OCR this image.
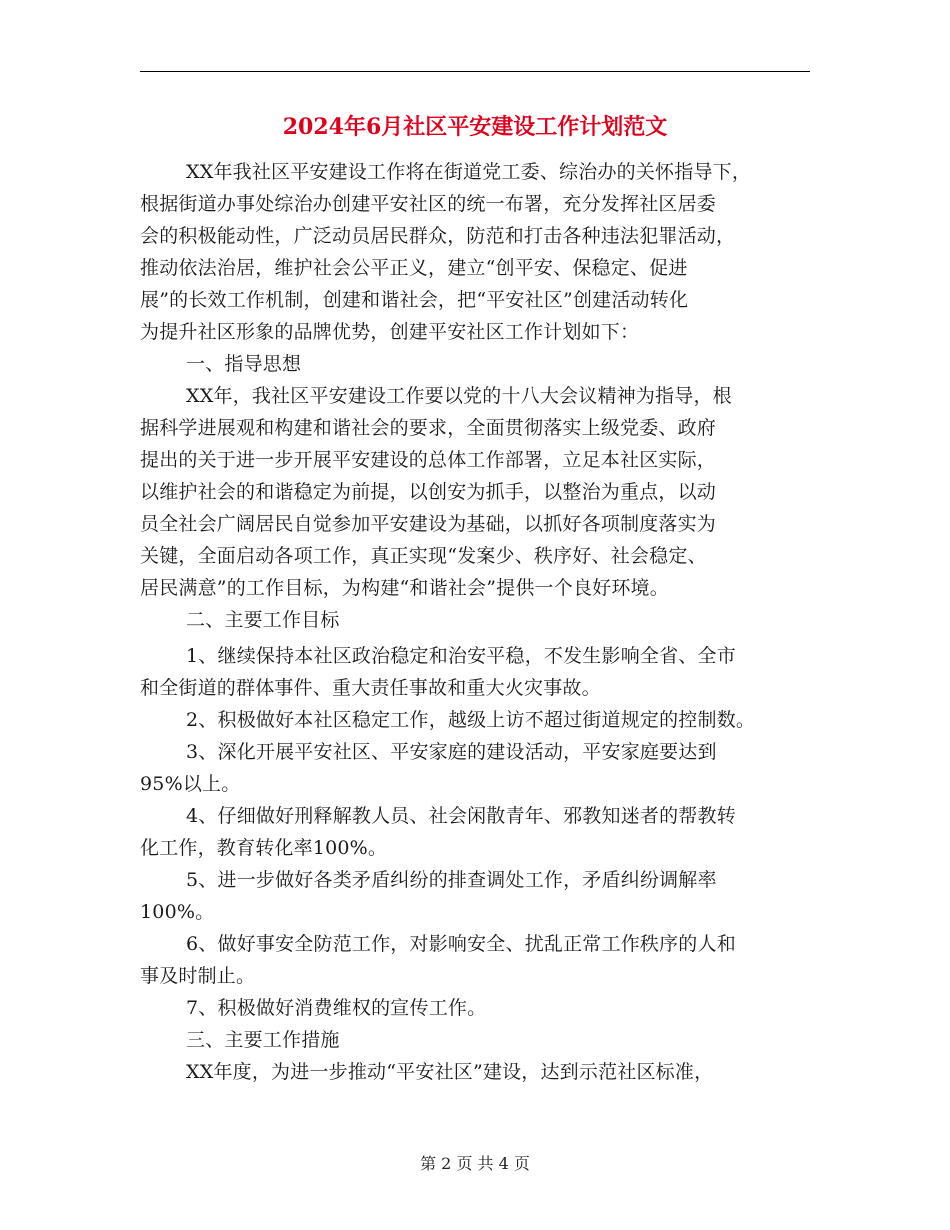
2024年6月社区平安建设工作计划范文
XX年我社区平安建设工作将在街道党工委、综治办的关怀指导下，
根据街道办事处综治办创建平安社区的统一布署，充分发挥社区居委
会的积极能动性，广泛动员居民群众，防范和打击各种违法犯罪活动，
推动依法治居，维护社会公平正义，建立“创平安、保稳定、促进
展”的长效工作机制，创建和谐社会，把“平安社区”创建活动转化
为提升社区形象的品牌优势，创建平安社区工作计划如下：
一、指导思想
XX年，我社区平安建设工作要以党的十八大会议精神为指导，根
据科学进展观和构建和谐社会的要求，全面贯彻落实上级党委、政府
提出的关于进一步开展平安建设的总体工作部署，立足本社区实际，
以维护社会的和谐稳定为前提，以创安为抓手，以整治为重点，以动
员全社会广阔居民自觉参加平安建设为基础，以抓好各项制度落实为
关键，全面启动各项工作，真正实现“发案少、秩序好、社会稳定、
居民满意”的工作目标，为构建“和谐社会”提供一个良好环境。
二、主要工作目标
1、继续保持本社区政治稳定和治安平稳，不发生影响全省、全市
和全街道的群体事件、重大责任事故和重大火灾事故。
2、积极做好本社区稳定工作，越级上访不超过街道规定的控制数。
3、深化开展平安社区、平安家庭的建设活动，平安家庭要达到
95%以上。
4、仔细做好刑释解教人员、社会闲散青年、邪教知迷者的帮教转
化工作，教育转化率100%。
5、进一步做好各类矛盾纠纷的排查调处工作，矛盾纠纷调解率
100%。
6、做好事安全防范工作，对影响安全、扰乱正常工作秩序的人和
事及时制止。
7、积极做好消费维权的宣传工作。
三、主要工作措施
XX年度，为进一步推动“平安社区”建设，达到示范社区标准，
第 2 页 共 4 页
